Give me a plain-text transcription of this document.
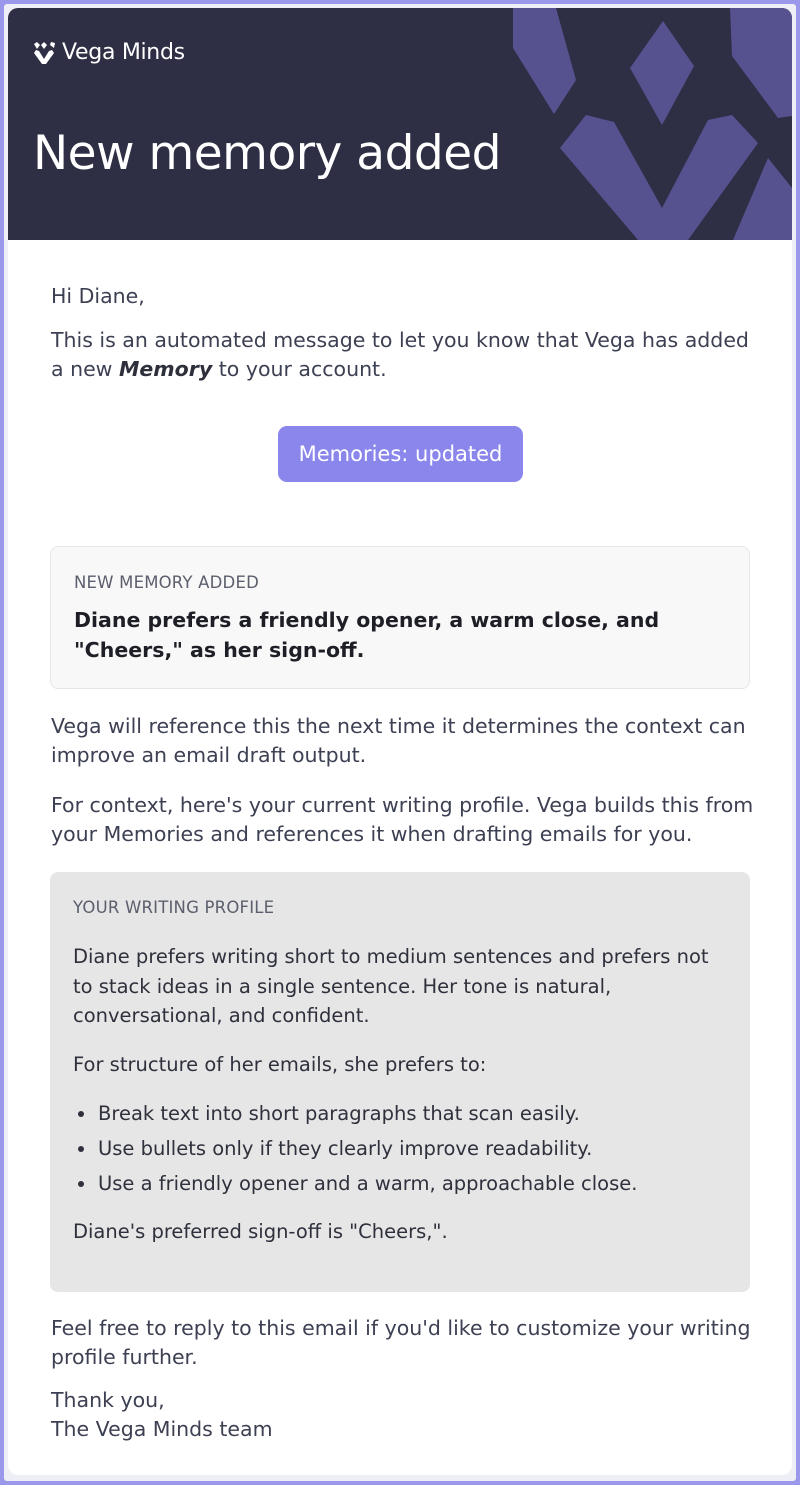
Vega Minds
New memory added

Hi Diane,

This is an automated message to let you know that Vega has added a new Memory to your account.

Memories: updated
NEW MEMORY ADDED
Diane prefers a friendly opener, a warm close, and "Cheers," as her sign-off.

Vega will reference this the next time it determines the context can improve an email draft output.

For context, here's your current writing profile. Vega builds this from your Memories and references it when drafting emails for you.

YOUR WRITING PROFILE

Diane prefers writing short to medium sentences and prefers not to stack ideas in a single sentence. Her tone is natural, conversational, and confident.

For structure of her emails, she prefers to:

Break text into short paragraphs that scan easily.
Use bullets only if they clearly improve readability.
Use a friendly opener and a warm, approachable close.

Diane's preferred sign-off is "Cheers,".

Feel free to reply to this email if you'd like to customize your writing profile further.

Thank you,
The Vega Minds team
